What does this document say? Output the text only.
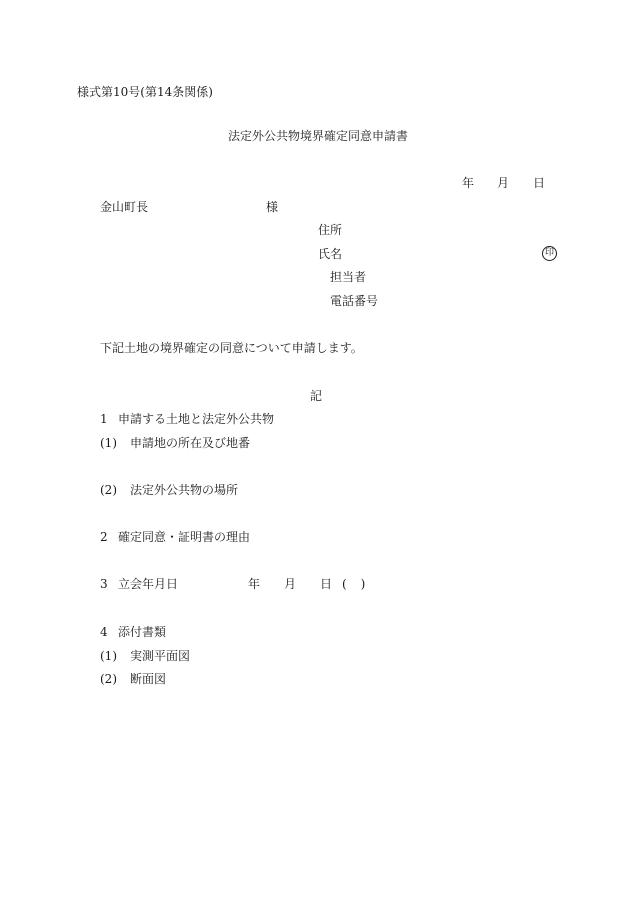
様式第10号(第14条関係)
法定外公共物境界確定同意申請書
年 月 日
金山町長	様
住所
氏名	印
担当者
電話番号
下記土地の境界確定の同意について申請します。
記
1 申請する土地と法定外公共物
(1) 申請地の所在及び地番
(2) 法定外公共物の場所
2 確定同意・証明書の理由
3 立会年月日	年 月 日 (　)
4 添付書類
(1) 実測平面図
(2) 断面図
